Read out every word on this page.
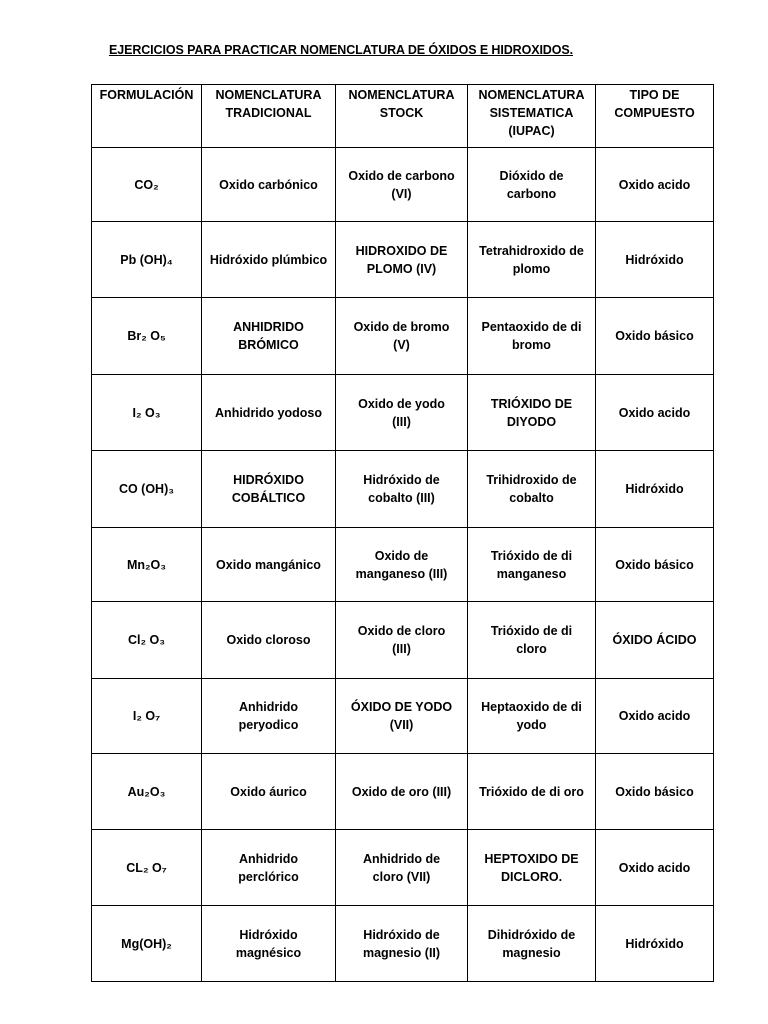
EJERCICIOS PARA PRACTICAR NOMENCLATURA DE ÓXIDOS E HIDROXIDOS.
FORMULACIÓN	NOMENCLATURA TRADICIONAL	NOMENCLATURA STOCK	NOMENCLATURA SISTEMATICA (IUPAC)	TIPO DE COMPUESTO

CO₂	Oxido carbónico	Oxido de carbono (VI)	Dióxido de carbono	Oxido acido

Pb (OH)₄	Hidróxido plúmbico	HIDROXIDO DE PLOMO (IV)	Tetrahidroxido de plomo	Hidróxido

Br₂ O₅	ANHIDRIDO BRÓMICO	Oxido de bromo (V)	Pentaoxido de di bromo	Oxido básico

I₂ O₃	Anhidrido yodoso	Oxido de yodo (III)	TRIÓXIDO DE DIYODO	Oxido acido

CO (OH)₃	HIDRÓXIDO COBÁLTICO	Hidróxido de cobalto (III)	Trihidroxido de cobalto	Hidróxido

Mn₂O₃	Oxido mangánico	Oxido de manganeso (III)	Trióxido de di manganeso	Oxido básico

Cl₂ O₃	Oxido cloroso	Oxido de cloro (III)	Trióxido de di cloro	ÓXIDO ÁCIDO

I₂ O₇	Anhidrido peryodico	ÓXIDO DE YODO (VII)	Heptaoxido de di yodo	Oxido acido

Au₂O₃	Oxido áurico	Oxido de oro (III)	Trióxido de di oro	Oxido básico

CL₂ O₇	Anhidrido perclórico	Anhidrido de cloro (VII)	HEPTOXIDO DE DICLORO.	Oxido acido

Mg(OH)₂	Hidróxido magnésico	Hidróxido de magnesio (II)	Dihidróxido de magnesio	Hidróxido
